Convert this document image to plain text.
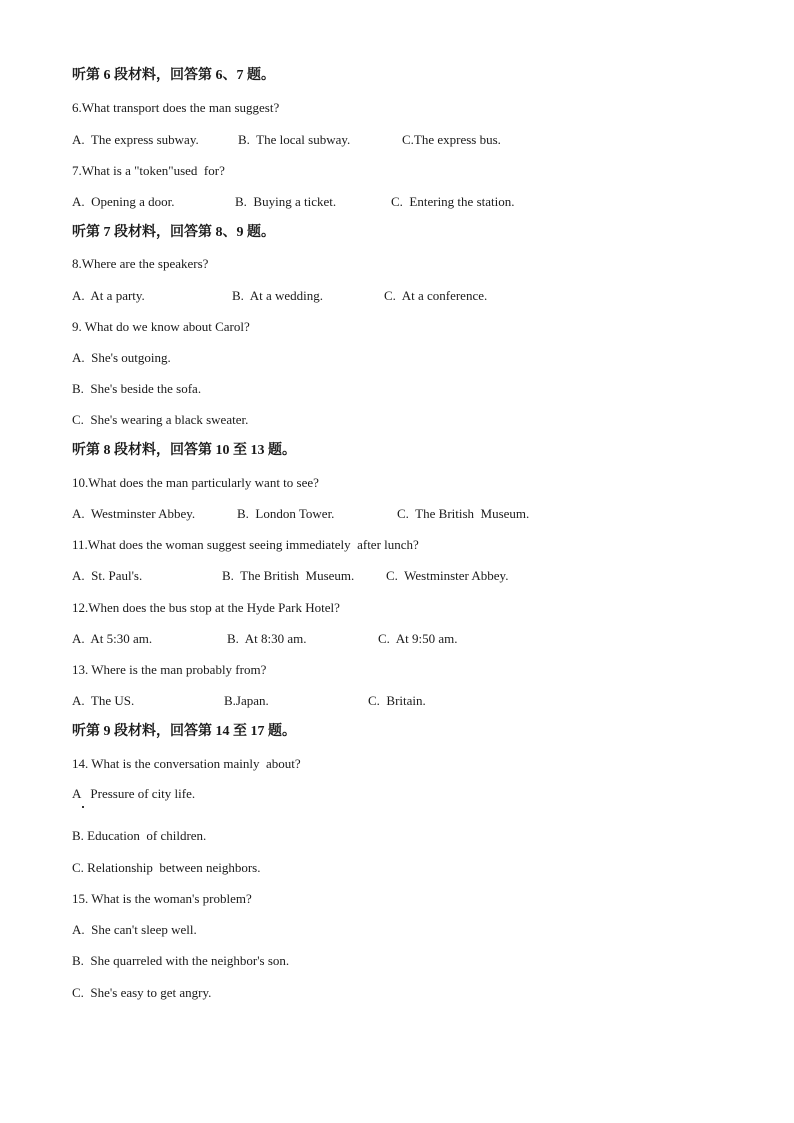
听第 6 段材料，回答第 6、7 题。
6.What transport does the man suggest?

A.  The express subway.

	B.  The local subway.

	C.The express bus.

7.What is a "token"used  for?

A.  Opening a door.

	B.  Buying a ticket.

	C.  Entering the station.

听第 7 段材料，回答第 8、9 题。
8.Where are the speakers?

A.  At a party.

	B.  At a wedding.

	C.  At a conference.

9. What do we know about Carol?
A.  She's outgoing.
B.  She's beside the sofa.
C.  She's wearing a black sweater.
听第 8 段材料，回答第 10 至 13 题。
10.What does the man particularly want to see?

A.  Westminster Abbey.

	B.  London Tower.

	C.  The British  Museum.

11.What does the woman suggest seeing immediately  after lunch?

A.  St. Paul's.

	B.  The British  Museum.

C.  Westminster Abbey.

12.When does the bus stop at the Hyde Park Hotel?

A.  At 5:30 am.

	B.  At 8:30 am.

	C.  At 9:50 am.

13. Where is the man probably from?

A.  The US.

	B.Japan.

	C.  Britain.

听第 9 段材料，回答第 14 至 17 题。
14. What is the conversation mainly  about?
A   Pressure of city life.
B. Education  of children.
C. Relationship  between neighbors.
15. What is the woman's problem?
A.  She can't sleep well.
B.  She quarreled with the neighbor's son.
C.  She's easy to get angry.
